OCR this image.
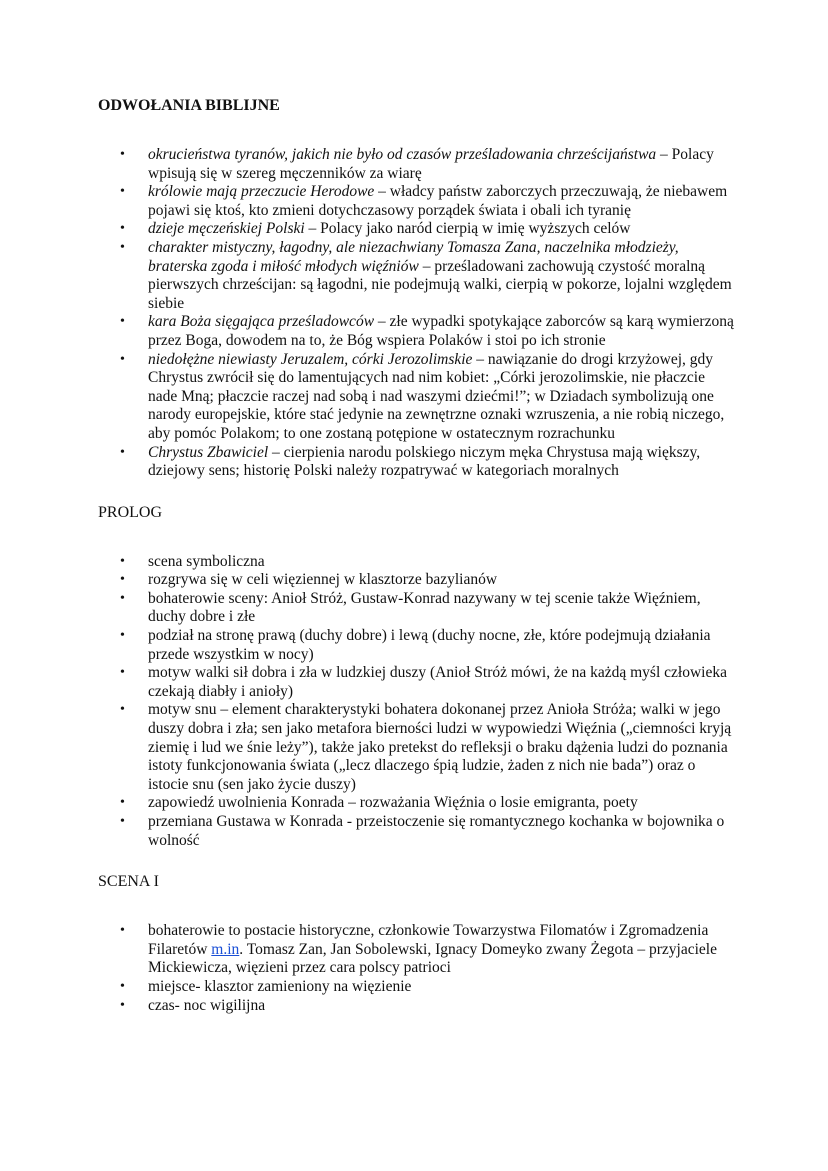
ODWOŁANIA BIBLIJNE
• okrucieństwa tyranów, jakich nie było od czasów prześladowania chrześcijaństwa – Polacy wpisują się w szereg męczenników za wiarę
• królowie mają przeczucie Herodowe – władcy państw zaborczych przeczuwają, że niebawem pojawi się ktoś, kto zmieni dotychczasowy porządek świata i obali ich tyranię
• dzieje męczeńskiej Polski – Polacy jako naród cierpią w imię wyższych celów
• charakter mistyczny, łagodny, ale niezachwiany Tomasza Zana, naczelnika młodzieży, braterska zgoda i miłość młodych więźniów – prześladowani zachowują czystość moralną pierwszych chrześcijan: są łagodni, nie podejmują walki, cierpią w pokorze, lojalni względem siebie
• kara Boża sięgająca prześladowców – złe wypadki spotykające zaborców są karą wymierzoną przez Boga, dowodem na to, że Bóg wspiera Polaków i stoi po ich stronie
• niedołężne niewiasty Jeruzalem, córki Jerozolimskie – nawiązanie do drogi krzyżowej, gdy Chrystus zwrócił się do lamentujących nad nim kobiet: „Córki jerozolimskie, nie płaczcie nade Mną; płaczcie raczej nad sobą i nad waszymi dziećmi!”; w Dziadach symbolizują one narody europejskie, które stać jedynie na zewnętrzne oznaki wzruszenia, a nie robią niczego, aby pomóc Polakom; to one zostaną potępione w ostatecznym rozrachunku
• Chrystus Zbawiciel – cierpienia narodu polskiego niczym męka Chrystusa mają większy, dziejowy sens; historię Polski należy rozpatrywać w kategoriach moralnych
PROLOG
• scena symboliczna
• rozgrywa się w celi więziennej w klasztorze bazylianów
• bohaterowie sceny: Anioł Stróż, Gustaw-Konrad nazywany w tej scenie także Więźniem, duchy dobre i złe
• podział na stronę prawą (duchy dobre) i lewą (duchy nocne, złe, które podejmują działania przede wszystkim w nocy)
• motyw walki sił dobra i zła w ludzkiej duszy (Anioł Stróż mówi, że na każdą myśl człowieka czekają diabły i anioły)
• motyw snu – element charakterystyki bohatera dokonanej przez Anioła Stróża; walki w jego duszy dobra i zła; sen jako metafora bierności ludzi w wypowiedzi Więźnia („ciemności kryją ziemię i lud we śnie leży”), także jako pretekst do refleksji o braku dążenia ludzi do poznania istoty funkcjonowania świata („lecz dlaczego śpią ludzie, żaden z nich nie bada”) oraz o istocie snu (sen jako życie duszy)
• zapowiedź uwolnienia Konrada – rozważania Więźnia o losie emigranta, poety
• przemiana Gustawa w Konrada - przeistoczenie się romantycznego kochanka w bojownika o wolność
SCENA I
• bohaterowie to postacie historyczne, członkowie Towarzystwa Filomatów i Zgromadzenia Filaretów m.in. Tomasz Zan, Jan Sobolewski, Ignacy Domeyko zwany Żegota – przyjaciele Mickiewicza, więzieni przez cara polscy patrioci
• miejsce- klasztor zamieniony na więzienie
• czas- noc wigilijna
